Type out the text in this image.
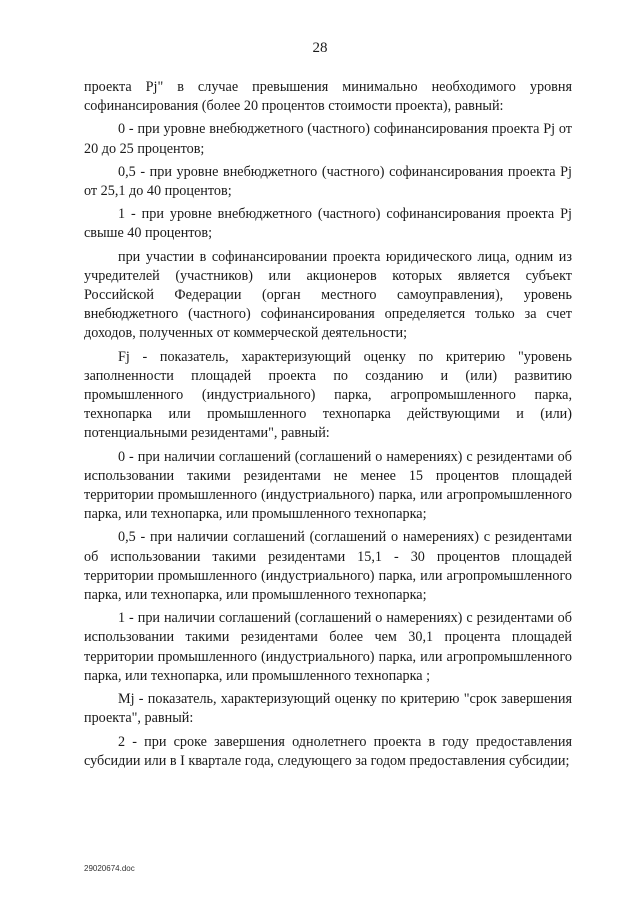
28

проекта Pj" в случае превышения минимально необходимого уровня софинансирования (более 20 процентов стоимости проекта), равный:

0 - при уровне внебюджетного (частного) софинансирования проекта Pj от 20 до 25 процентов;

0,5 - при уровне внебюджетного (частного) софинансирования проекта Pj от 25,1 до 40 процентов;

1 - при уровне внебюджетного (частного) софинансирования проекта Pj свыше 40 процентов;

при участии в софинансировании проекта юридического лица, одним из учредителей (участников) или акционеров которых является субъект Российской Федерации (орган местного самоуправления), уровень внебюджетного (частного) софинансирования определяется только за счет доходов, полученных от коммерческой деятельности;

Fj - показатель, характеризующий оценку по критерию "уровень заполненности площадей проекта по созданию и (или) развитию промышленного (индустриального) парка, агропромышленного парка, технопарка или промышленного технопарка действующими и (или) потенциальными резидентами", равный:

0 - при наличии соглашений (соглашений о намерениях) с резидентами об использовании такими резидентами не менее 15 процентов площадей территории промышленного (индустриального) парка, или агропромышленного парка, или технопарка, или промышленного технопарка;

0,5 - при наличии соглашений (соглашений о намерениях) с резидентами об использовании такими резидентами 15,1 - 30 процентов площадей территории промышленного (индустриального) парка, или агропромышленного парка, или технопарка, или промышленного технопарка;

1 - при наличии соглашений (соглашений о намерениях) с резидентами об использовании такими резидентами более чем 30,1 процента площадей территории промышленного (индустриального) парка, или агропромышленного парка, или технопарка, или промышленного технопарка ;

Mj - показатель, характеризующий оценку по критерию "срок завершения проекта", равный:

2 - при сроке завершения однолетнего проекта в году предоставления субсидии или в I квартале года, следующего за годом предоставления субсидии;

29020674.doc
